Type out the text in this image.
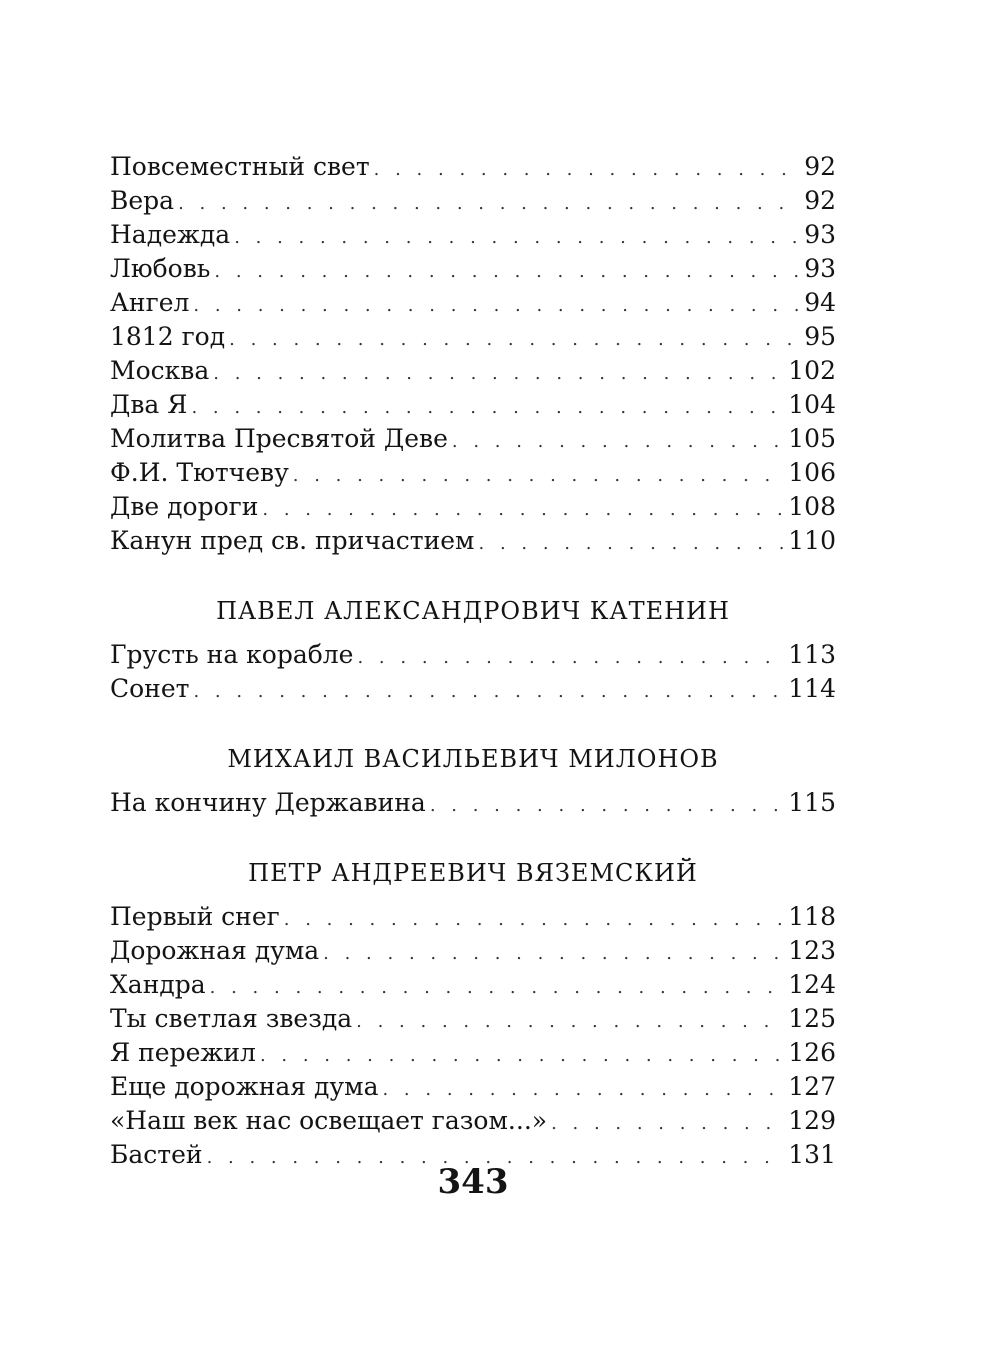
Повсеместный свет . . .	92
Вера . . .	92
Надежда . . .	93
Любовь . . .	93
Ангел . . .	94
1812 год . . .	95
Москва . . .	102
Два Я . . .	104
Молитва Пресвятой Деве . . .	105
Ф.И. Тютчеву . . .	106
Две дороги . . .	108
Канун пред св. причастием . . .	110
ПАВЕЛ АЛЕКСАНДРОВИЧ КАТЕНИН
Грусть на корабле . . .	113
Сонет . . .	114
МИХАИЛ ВАСИЛЬЕВИЧ МИЛОНОВ
На кончину Державина . . .	115
ПЕТР АНДРЕЕВИЧ ВЯЗЕМСКИЙ
Первый снег . . .	118
Дорожная дума . . .	123
Хандра . . .	124
Ты светлая звезда . . .	125
Я пережил . . .	126
Еще дорожная дума . . .	127
«Наш век нас освещает газом...» . . .	129
Бастей . . .	131
343
